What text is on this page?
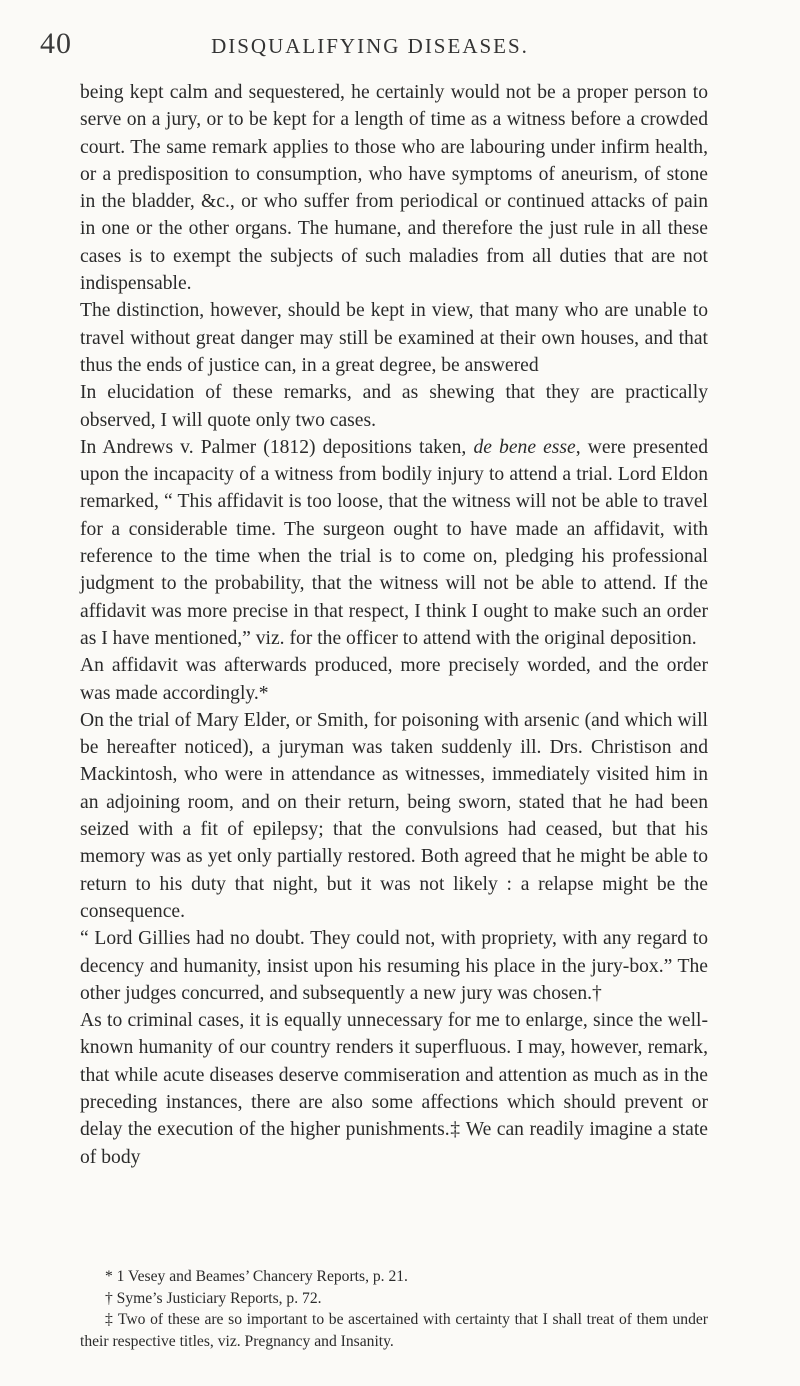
40	DISQUALIFYING DISEASES.

being kept calm and sequestered, he certainly would not be a proper person to serve on a jury, or to be kept for a length of time as a witness before a crowded court. The same remark applies to those who are labouring under infirm health, or a predisposition to consumption, who have symptoms of aneurism, of stone in the bladder, &c., or who suffer from periodical or continued attacks of pain in one or the other organs. The humane, and therefore the just rule in all these cases is to exempt the subjects of such maladies from all duties that are not indispensable.

The distinction, however, should be kept in view, that many who are unable to travel without great danger may still be examined at their own houses, and that thus the ends of justice can, in a great degree, be answered

In elucidation of these remarks, and as shewing that they are practically observed, I will quote only two cases.

In Andrews v. Palmer (1812) depositions taken, de bene esse, were presented upon the incapacity of a witness from bodily injury to attend a trial. Lord Eldon remarked, “ This affidavit is too loose, that the witness will not be able to travel for a considerable time. The surgeon ought to have made an affidavit, with reference to the time when the trial is to come on, pledging his professional judgment to the probability, that the witness will not be able to attend. If the affidavit was more precise in that respect, I think I ought to make such an order as I have mentioned,” viz. for the officer to attend with the original deposition.

An affidavit was afterwards produced, more precisely worded, and the order was made accordingly.*

On the trial of Mary Elder, or Smith, for poisoning with arsenic (and which will be hereafter noticed), a juryman was taken suddenly ill. Drs. Christison and Mackintosh, who were in attendance as witnesses, immediately visited him in an adjoining room, and on their return, being sworn, stated that he had been seized with a fit of epilepsy; that the convulsions had ceased, but that his memory was as yet only partially restored. Both agreed that he might be able to return to his duty that night, but it was not likely : a relapse might be the consequence.

“ Lord Gillies had no doubt. They could not, with propriety, with any regard to decency and humanity, insist upon his resuming his place in the jury-box.” The other judges concurred, and subsequently a new jury was chosen.†

As to criminal cases, it is equally unnecessary for me to enlarge, since the well-known humanity of our country renders it superfluous. I may, however, remark, that while acute diseases deserve commiseration and attention as much as in the preceding instances, there are also some affections which should prevent or delay the execution of the higher punishments.‡ We can readily imagine a state of body

* 1 Vesey and Beames’ Chancery Reports, p. 21.

† Syme’s Justiciary Reports, p. 72.

‡ Two of these are so important to be ascertained with certainty that I shall treat of them under their respective titles, viz. Pregnancy and Insanity.
